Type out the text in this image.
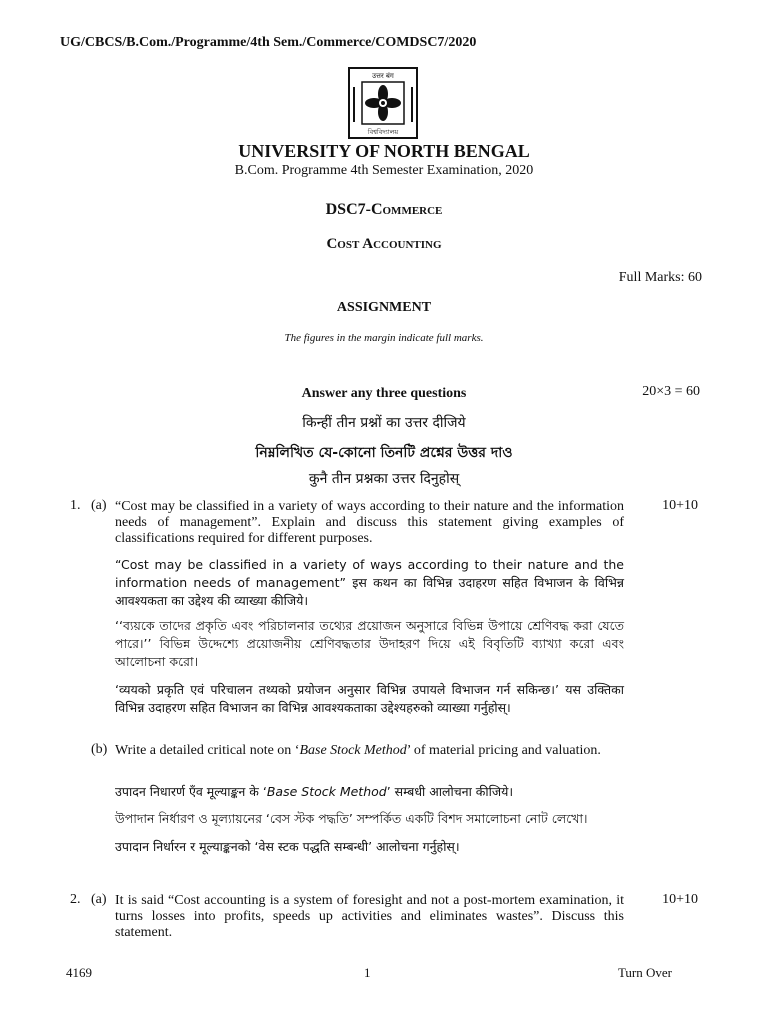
UG/CBCS/B.Com./Programme/4th Sem./Commerce/COMDSC7/2020
उत्तर बंग
বিশ্ববিদ্যালয়
UNIVERSITY OF NORTH BENGAL
B.Com. Programme 4th Semester Examination, 2020
DSC7-Commerce
Cost Accounting
Full Marks: 60
ASSIGNMENT
The figures in the margin indicate full marks.
Answer any three questions	20×3 = 60
किन्हीं तीन प्रश्नों का उत्तर दीजिये
নিম্নলিখিত যে-কোনো তিনটি প্রশ্নের উত্তর দাও
कुनै तीन प्रश्नका उत्तर दिनुहोस्
1. (a)	10+10
“Cost may be classified in a variety of ways according to their nature and the information needs of management”. Explain and discuss this statement giving examples of classifications required for different purposes.
“Cost may be classified in a variety of ways according to their nature and the information needs of management” इस कथन का विभिन्न उदाहरण सहित विभाजन के विभिन्न आवश्यकता का उद्देश्य की व्याख्या कीजिये।
‘‘ব্যয়কে তাদের প্রকৃতি এবং পরিচালনার তথ্যের প্রয়োজন অনুসারে বিভিন্ন উপায়ে শ্রেণিবদ্ধ করা যেতে পারে।’’ বিভিন্ন উদ্দেশ্যে প্রয়োজনীয় শ্রেণিবদ্ধতার উদাহরণ দিয়ে এই বিবৃতিটি ব্যাখ্যা করো এবং আলোচনা করো।
‘व्ययको प्रकृति एवं परिचालन तथ्यको प्रयोजन अनुसार विभिन्न उपायले विभाजन गर्न सकिन्छ।’ यस उक्तिका विभिन्न उदाहरण सहित विभाजन का विभिन्न आवश्यकताका उद्देश्यहरुको व्याख्या गर्नुहोस्।
(b) Write a detailed critical note on ‘Base Stock Method’ of material pricing and valuation.
उपादन निधारर्ण एँव मूल्याङ्कन के ‘Base Stock Method’ सम्बधी आलोचना कीजिये।
উপাদান নির্ধারণ ও মূল্যায়নের ‘বেস স্টক পদ্ধতি’ সম্পর্কিত একটি বিশদ সমালোচনা নোট লেখো।
उपादान निर्धारन र मूल्याङ्कनको ‘वेस स्टक पद्धति सम्बन्धी’ आलोचना गर्नुहोस्।
2. (a)	10+10
It is said “Cost accounting is a system of foresight and not a post-mortem examination, it turns losses into profits, speeds up activities and eliminates wastes”. Discuss this statement.
4169	1	Turn Over
